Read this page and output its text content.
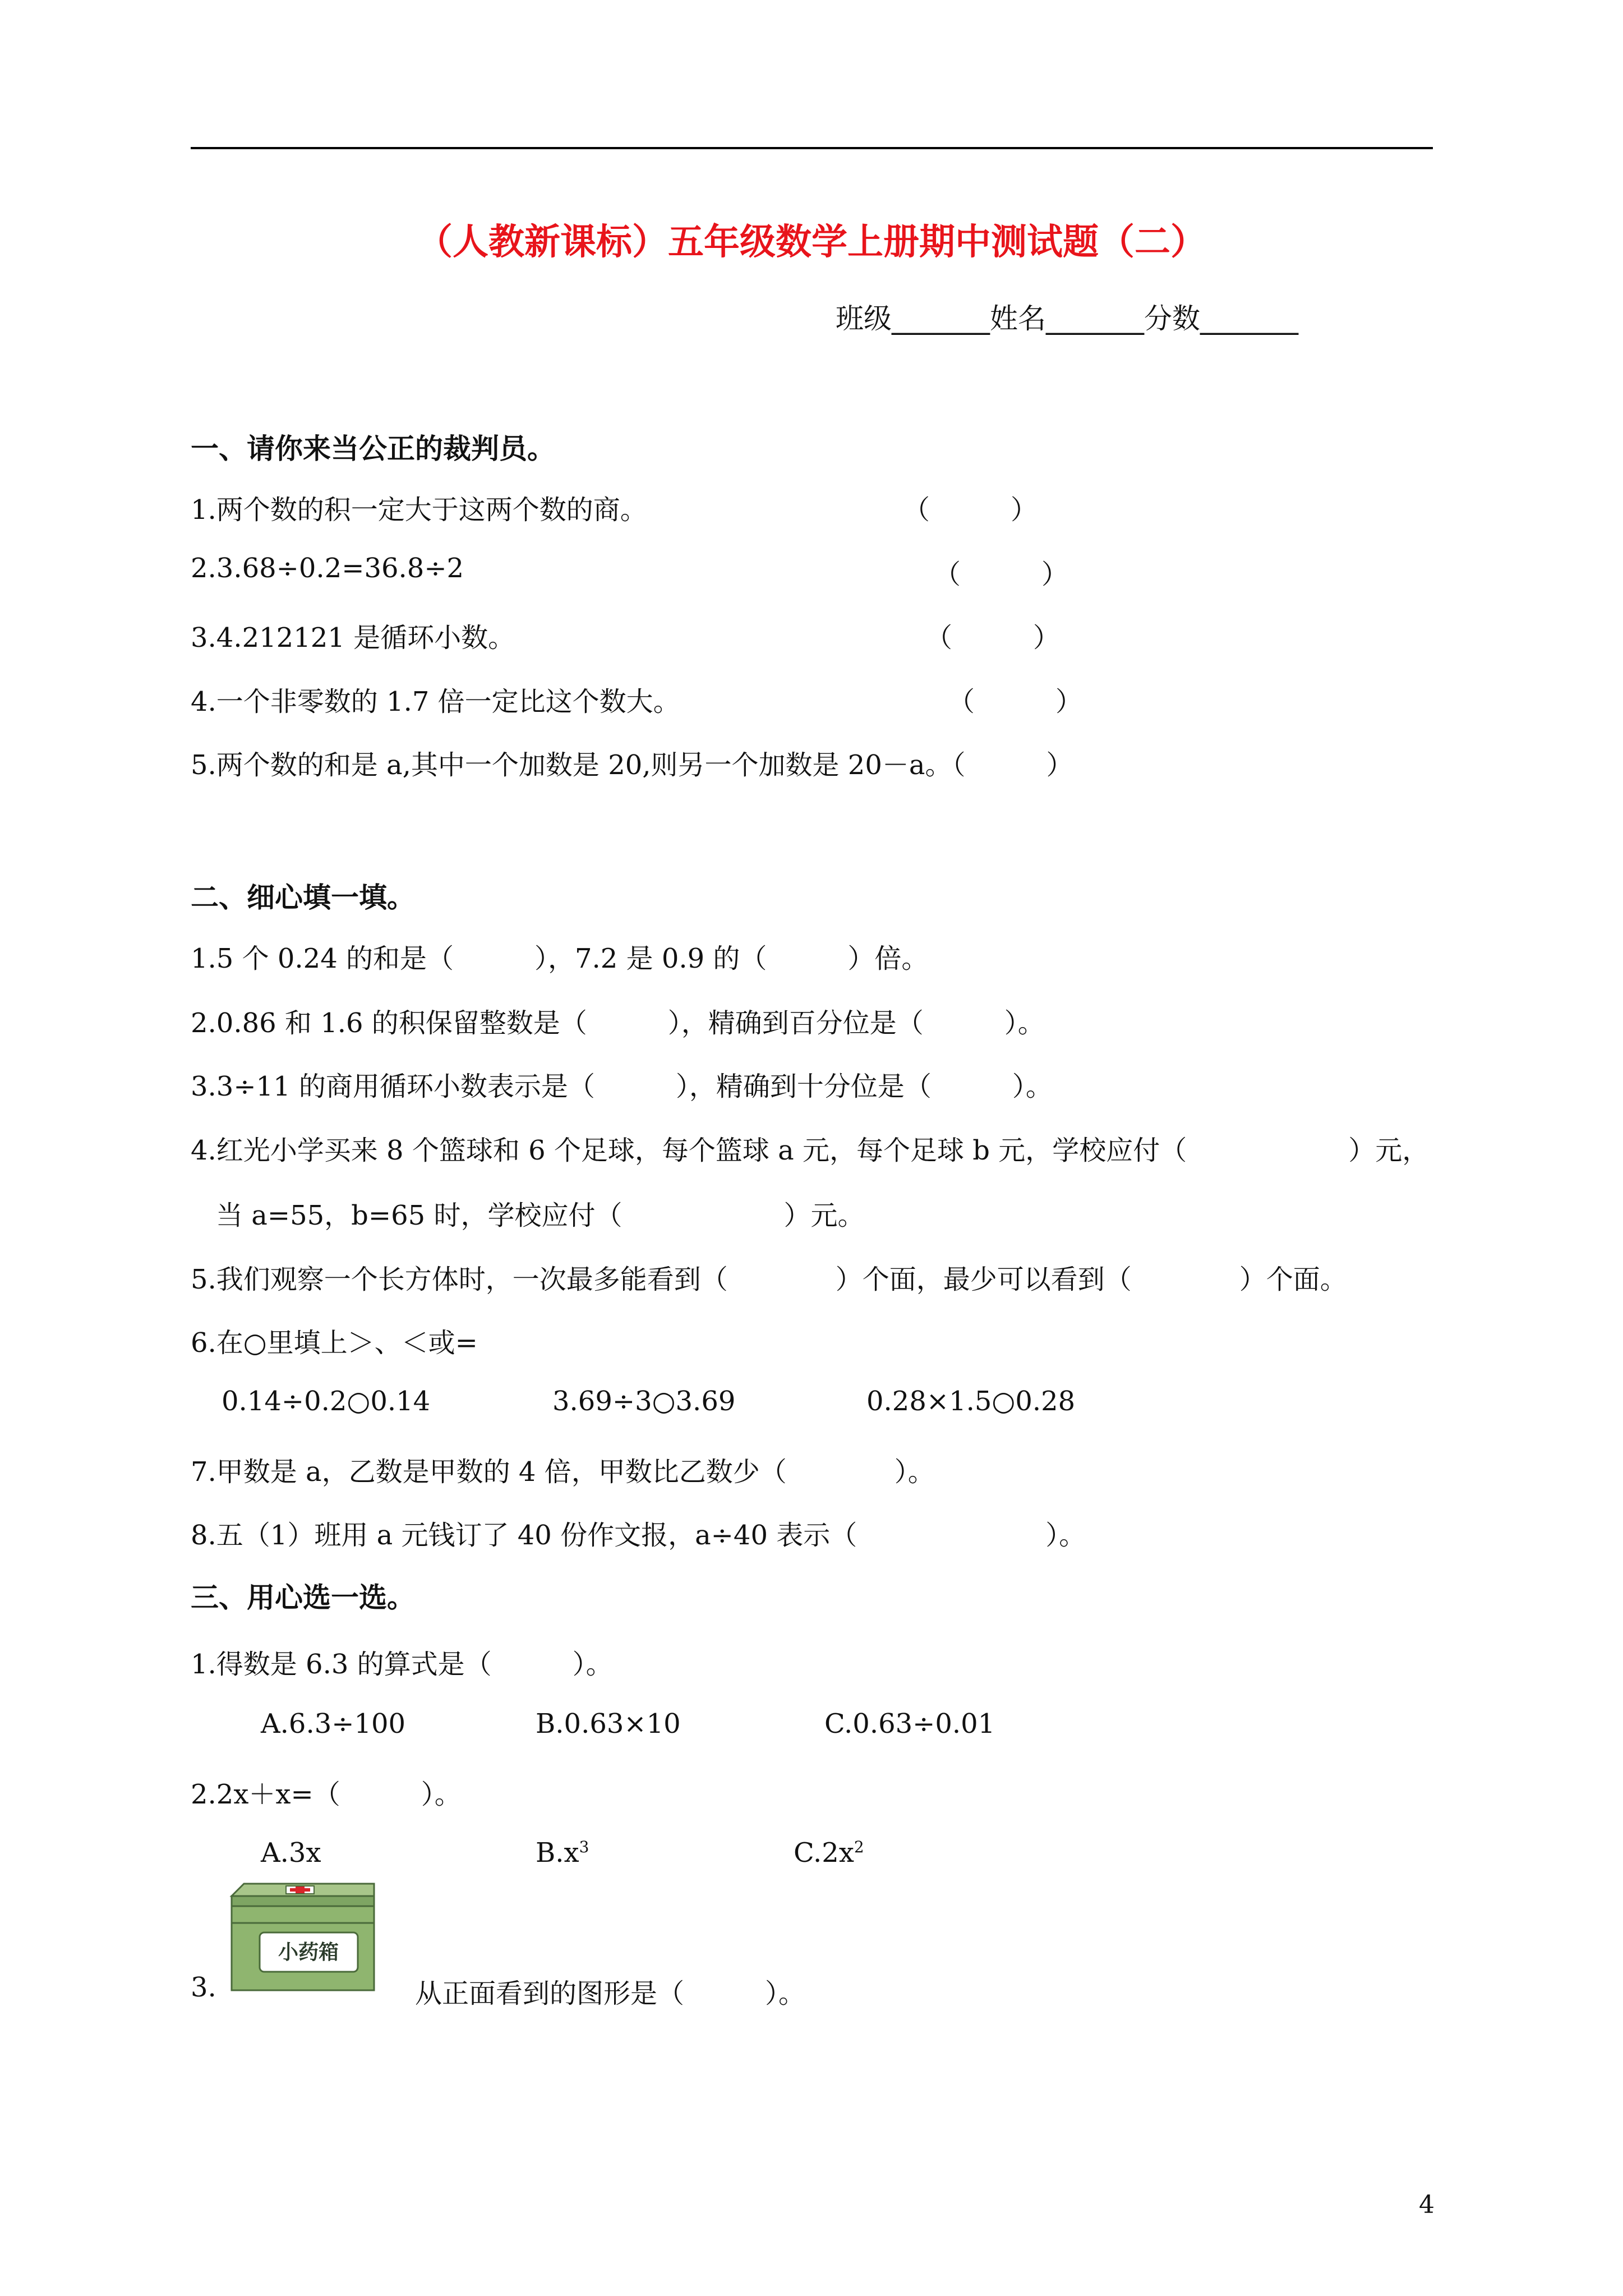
（人教新课标）五年级数学上册期中测试题（二）
班级_______姓名_______分数_______
一、请你来当公正的裁判员。
1.两个数的积一定大于这两个数的商。	（　　　）
2.3.68÷0.2=36.8÷2	（　　　）
3.4.212121 是循环小数。	（　　　）
4.一个非零数的 1.7 倍一定比这个数大。	（　　　）
5.两个数的和是 a,其中一个加数是 20,则另一个加数是 20－a。（　　　）
二、细心填一填。
1.5 个 0.24 的和是（　　　），7.2 是 0.9 的（　　　）倍。
2.0.86 和 1.6 的积保留整数是（　　　），精确到百分位是（　　　）。
3.3÷11 的商用循环小数表示是（　　　），精确到十分位是（　　　）。
4.红光小学买来 8 个篮球和 6 个足球，每个篮球 a 元，每个足球 b 元，学校应付（　　　　　　）元，
当 a=55，b=65 时，学校应付（　　　　　　）元。
5.我们观察一个长方体时，一次最多能看到（　　　　）个面，最少可以看到（　　　　）个面。
6.在○里填上＞、＜或=
0.14÷0.2○0.14	3.69÷3○3.69	0.28×1.5○0.28
7.甲数是 a，乙数是甲数的 4 倍，甲数比乙数少（　　　　）。
8.五（1）班用 a 元钱订了 40 份作文报，a÷40 表示（　　　　　　　）。
三、用心选一选。
1.得数是 6.3 的算式是（　　　）。
A.6.3÷100	B.0.63×10	C.0.63÷0.01
2.2x＋x=（　　　）。
A.3x	$B.x^3$	$C.2x^2$
3.
小药箱
从正面看到的图形是（　　　）。
4
